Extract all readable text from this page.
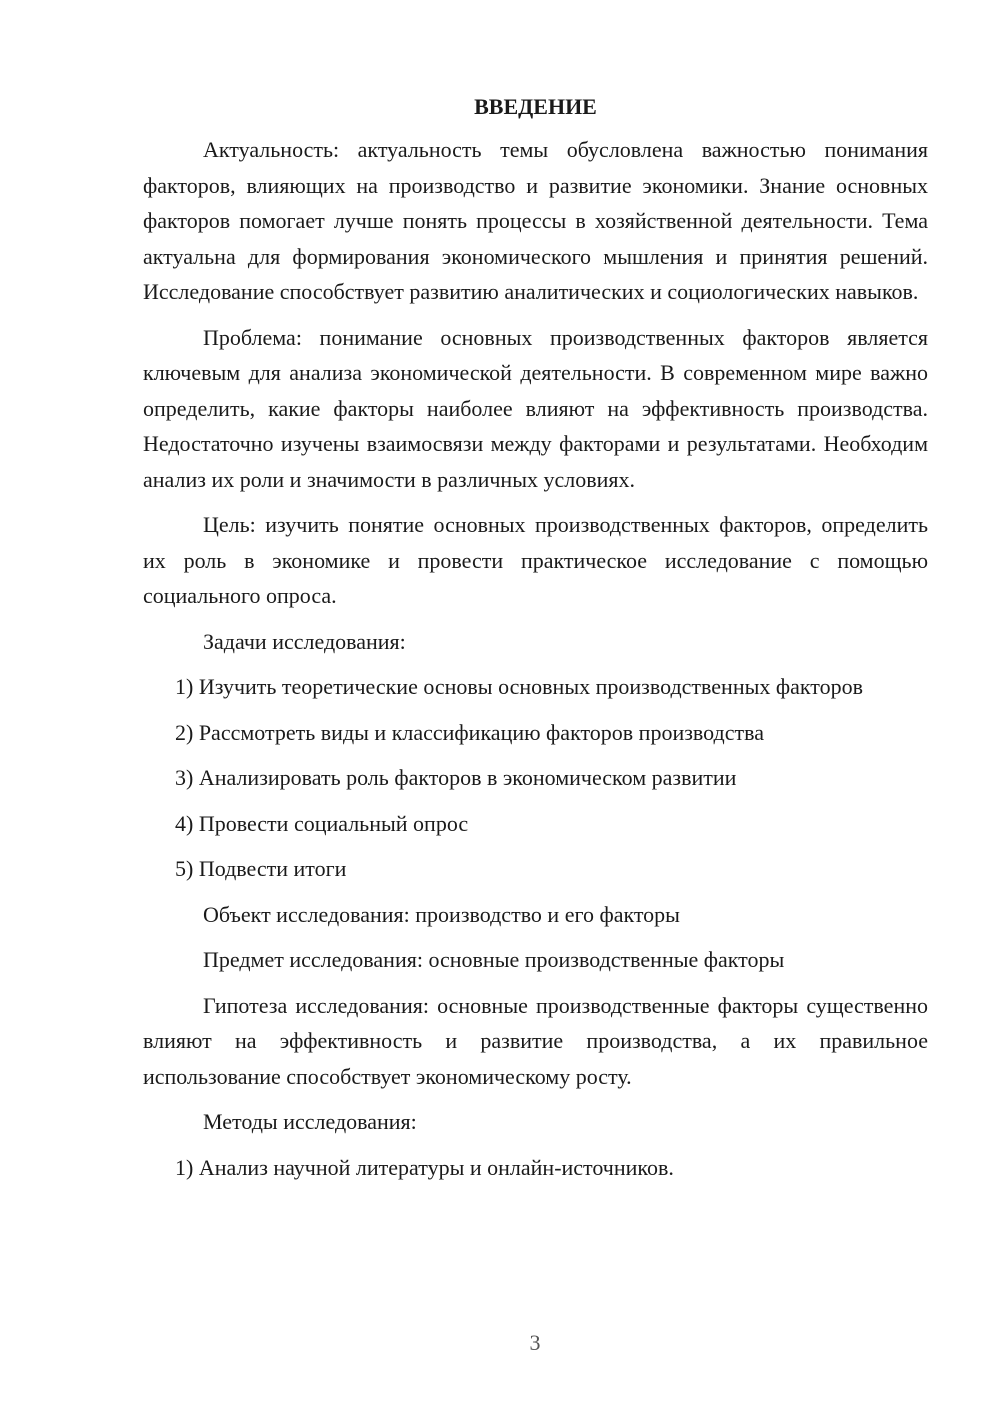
ВВЕДЕНИЕ

Актуальность: актуальность темы обусловлена важностью понимания факторов, влияющих на производство и развитие экономики. Знание основных факторов помогает лучше понять процессы в хозяйственной деятельности. Тема актуальна для формирования экономического мышления и принятия решений. Исследование способствует развитию аналитических и социологических навыков.

Проблема: понимание основных производственных факторов является ключевым для анализа экономической деятельности. В современном мире важно определить, какие факторы наиболее влияют на эффективность производства. Недостаточно изучены взаимосвязи между факторами и результатами. Необходим анализ их роли и значимости в различных условиях.

Цель: изучить понятие основных производственных факторов, определить их роль в экономике и провести практическое исследование с помощью социального опроса.

Задачи исследования:

1) Изучить теоретические основы основных производственных факторов

2) Рассмотреть виды и классификацию факторов производства

3) Анализировать роль факторов в экономическом развитии

4) Провести социальный опрос

5) Подвести итоги

Объект исследования: производство и его факторы

Предмет исследования: основные производственные факторы

Гипотеза исследования: основные производственные факторы существенно влияют на эффективность и развитие производства, а их правильное использование способствует экономическому росту.

Методы исследования:

1) Анализ научной литературы и онлайн-источников.

3
